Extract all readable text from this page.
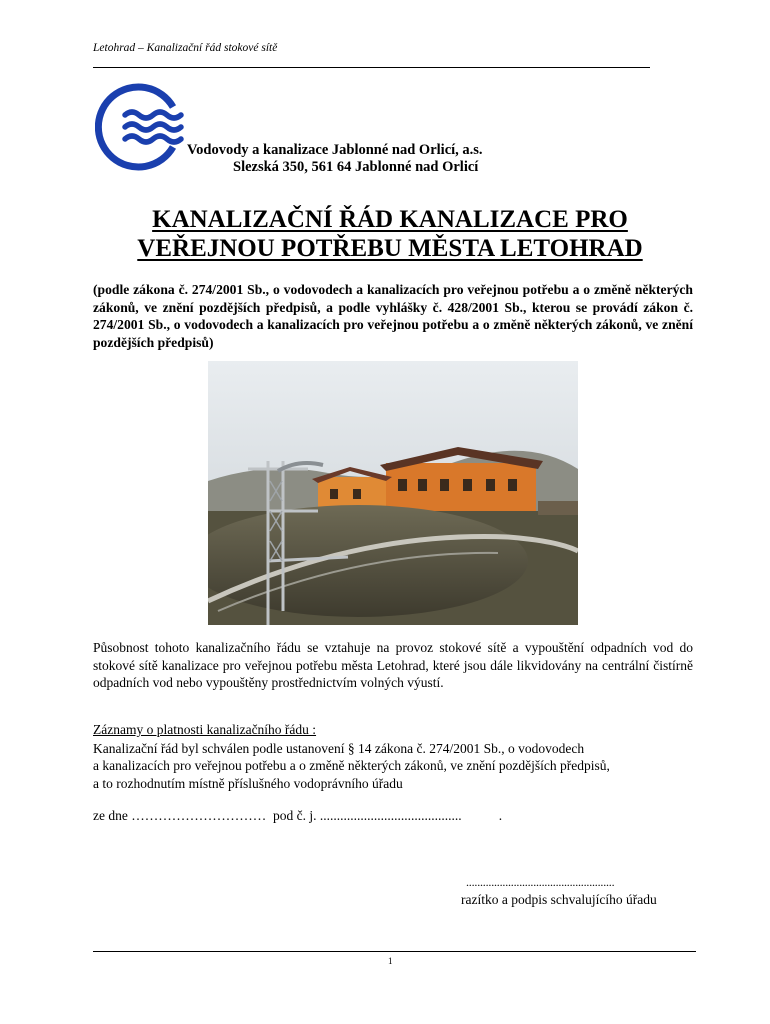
Letohrad – Kanalizační řád stokové sítě
Vodovody a kanalizace Jablonné nad Orlicí, a.s.
Slezská 350, 561 64 Jablonné nad Orlicí
KANALIZAČNÍ ŘÁD KANALIZACE PRO
VEŘEJNOU POTŘEBU MĚSTA LETOHRAD
(podle zákona č. 274/2001 Sb., o vodovodech a kanalizacích pro veřejnou potřebu a o změně některých zákonů, ve znění pozdějších předpisů, a podle vyhlášky č. 428/2001 Sb., kterou se provádí zákon č. 274/2001 Sb., o vodovodech a kanalizacích pro veřejnou potřebu a o změně některých zákonů, ve znění pozdějších předpisů)
Působnost tohoto kanalizačního řádu se vztahuje na provoz stokové sítě a vypouštění odpadních vod do stokové sítě kanalizace pro veřejnou potřebu města Letohrad, které jsou dále likvidovány na centrální čistírně odpadních vod nebo vypouštěny prostřednictvím volných výustí.
Záznamy o platnosti kanalizačního řádu :
Kanalizační řád byl schválen podle ustanovení § 14 zákona č. 274/2001 Sb., o vodovodech
a kanalizacích pro veřejnou potřebu a o změně některých zákonů, ve znění pozdějších předpisů,
a to rozhodnutím místně příslušného vodoprávního úřadu
ze dne …………………………  pod č. j. ..........................................           .
.....................................................
razítko a podpis schvalujícího úřadu
1
